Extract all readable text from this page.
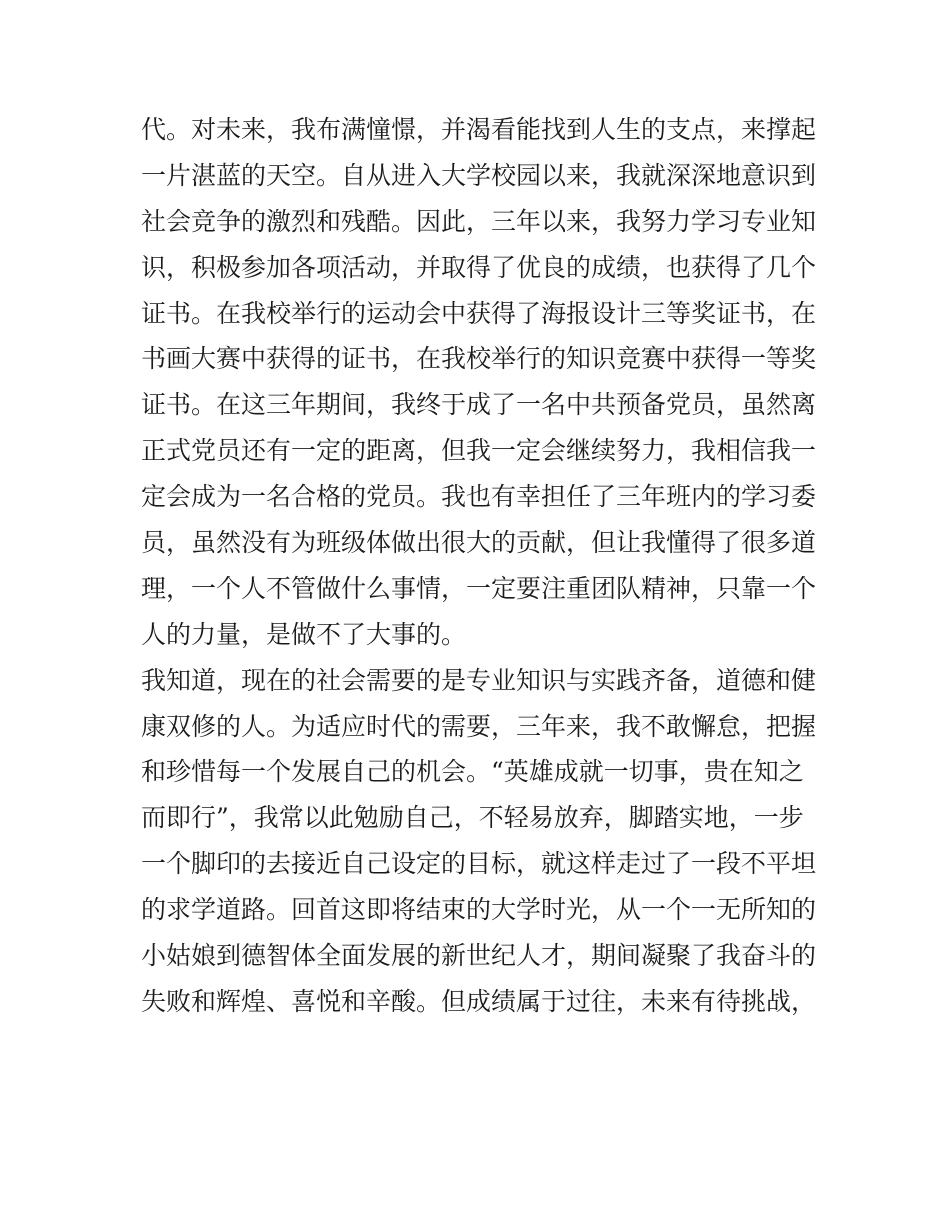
代。对未来，我布满憧憬，并渴看能找到人生的支点，来撑起
一片湛蓝的天空。自从进入大学校园以来，我就深深地意识到
社会竞争的激烈和残酷。因此，三年以来，我努力学习专业知
识，积极参加各项活动，并取得了优良的成绩，也获得了几个
证书。在我校举行的运动会中获得了海报设计三等奖证书，在
书画大赛中获得的证书，在我校举行的知识竞赛中获得一等奖
证书。在这三年期间，我终于成了一名中共预备党员，虽然离
正式党员还有一定的距离，但我一定会继续努力，我相信我一
定会成为一名合格的党员。我也有幸担任了三年班内的学习委
员，虽然没有为班级体做出很大的贡献，但让我懂得了很多道
理，一个人不管做什么事情，一定要注重团队精神，只靠一个
人的力量，是做不了大事的。
我知道，现在的社会需要的是专业知识与实践齐备，道德和健
康双修的人。为适应时代的需要，三年来，我不敢懈怠，把握
和珍惜每一个发展自己的机会。“英雄成就一切事，贵在知之
而即行”，我常以此勉励自己，不轻易放弃，脚踏实地，一步
一个脚印的去接近自己设定的目标，就这样走过了一段不平坦
的求学道路。回首这即将结束的大学时光，从一个一无所知的
小姑娘到德智体全面发展的新世纪人才，期间凝聚了我奋斗的
失败和辉煌、喜悦和辛酸。但成绩属于过往，未来有待挑战，
